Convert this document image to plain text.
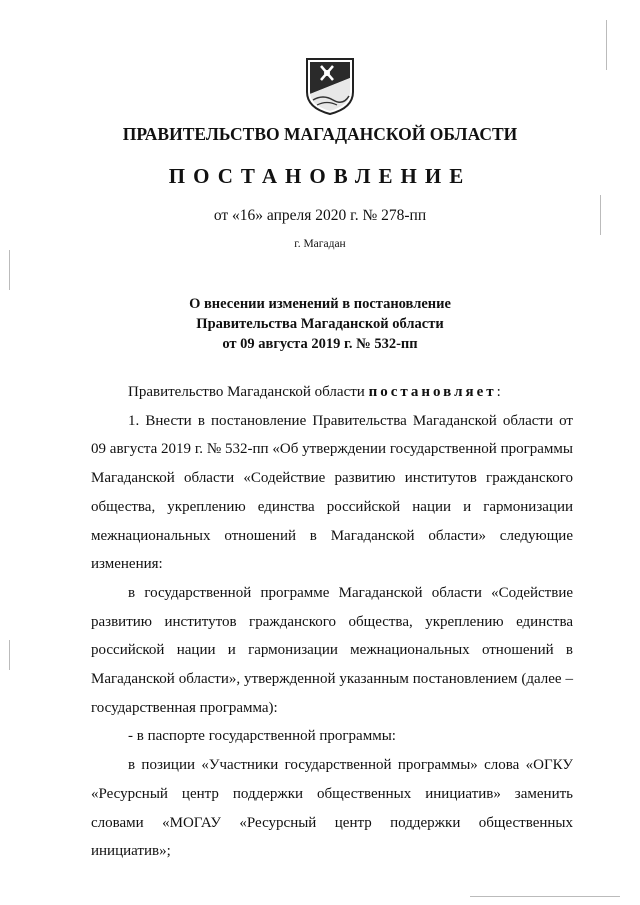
ПРАВИТЕЛЬСТВО МАГАДАНСКОЙ ОБЛАСТИ
ПОСТАНОВЛЕНИЕ
от «16» апреля 2020 г. № 278-пп
г. Магадан
О внесении изменений в постановление
Правительства Магаданской области
от 09 августа 2019 г. № 532-пп

Правительство Магаданской области постановляет:

1. Внести в постановление Правительства Магаданской области от 09 августа 2019 г. № 532-пп «Об утверждении государственной программы Магаданской области «Содействие развитию институтов гражданского общества, укреплению единства российской нации и гармонизации межнациональных отношений в Магаданской области» следующие изменения:

в государственной программе Магаданской области «Содействие развитию институтов гражданского общества, укреплению единства российской нации и гармонизации межнациональных отношений в Магаданской области», утвержденной указанным постановлением (далее – государственная программа):

- в паспорте государственной программы:

в позиции «Участники государственной программы» слова «ОГКУ «Ресурсный центр поддержки общественных инициатив» заменить словами «МОГАУ «Ресурсный центр поддержки общественных инициатив»;
